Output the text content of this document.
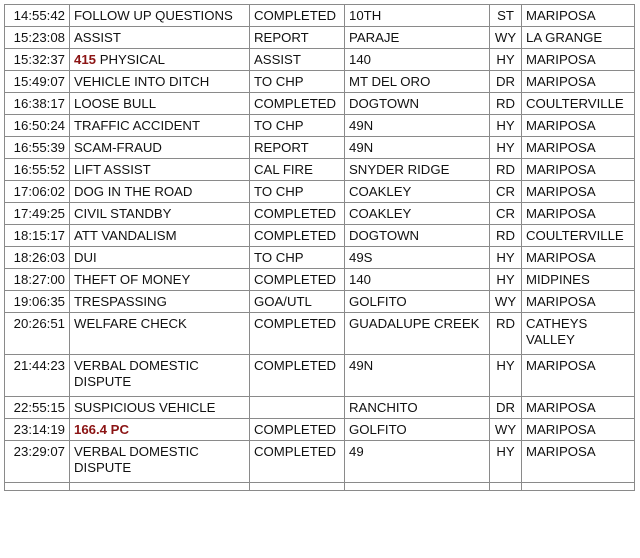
14:55:42	FOLLOW UP QUESTIONS	COMPLETED	10TH	ST	MARIPOSA
15:23:08	ASSIST	REPORT	PARAJE	WY	LA GRANGE
15:32:37	415 PHYSICAL	ASSIST	140	HY	MARIPOSA
15:49:07	VEHICLE INTO DITCH	TO CHP	MT DEL ORO	DR	MARIPOSA
16:38:17	LOOSE BULL	COMPLETED	DOGTOWN	RD	COULTERVILLE
16:50:24	TRAFFIC ACCIDENT	TO CHP	49N	HY	MARIPOSA
16:55:39	SCAM-FRAUD	REPORT	49N	HY	MARIPOSA
16:55:52	LIFT ASSIST	CAL FIRE	SNYDER RIDGE	RD	MARIPOSA
17:06:02	DOG IN THE ROAD	TO CHP	COAKLEY	CR	MARIPOSA
17:49:25	CIVIL STANDBY	COMPLETED	COAKLEY	CR	MARIPOSA
18:15:17	ATT VANDALISM	COMPLETED	DOGTOWN	RD	COULTERVILLE
18:26:03	DUI	TO CHP	49S	HY	MARIPOSA
18:27:00	THEFT OF MONEY	COMPLETED	140	HY	MIDPINES
19:06:35	TRESPASSING	GOA/UTL	GOLFITO	WY	MARIPOSA
20:26:51	WELFARE CHECK	COMPLETED	GUADALUPE CREEK	RD	CATHEYS VALLEY
21:44:23	VERBAL DOMESTIC DISPUTE	COMPLETED	49N	HY	MARIPOSA
22:55:15	SUSPICIOUS VEHICLE		RANCHITO	DR	MARIPOSA
23:14:19	166.4 PC	COMPLETED	GOLFITO	WY	MARIPOSA
23:29:07	VERBAL DOMESTIC DISPUTE	COMPLETED	49	HY	MARIPOSA
